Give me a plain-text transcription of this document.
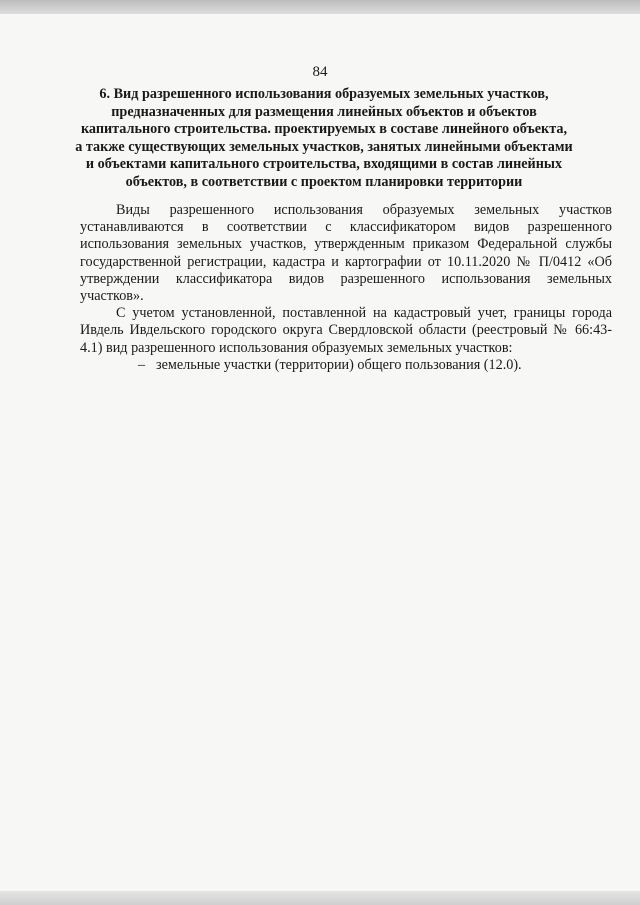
84
6. Вид разрешенного использования образуемых земельных участков,
предназначенных для размещения линейных объектов и объектов
капитального строительства. проектируемых в составе линейного объекта,
а также существующих земельных участков, занятых линейными объектами
и объектами капитального строительства, входящими в состав линейных
объектов, в соответствии с проектом планировки территории

Виды разрешенного использования образуемых земельных участков устанавливаются в соответствии с классификатором видов разрешенного использования земельных участков, утвержденным приказом Федеральной службы государственной регистрации, кадастра и картографии от 10.11.2020 № П/0412 «Об утверждении классификатора видов разрешенного использования земельных участков».

С учетом установленной, поставленной на кадастровый учет, границы города Ивдель Ивдельского городского округа Свердловской области (реестровый № 66:43-4.1) вид разрешенного использования образуемых земельных участков:

– земельные участки (территории) общего пользования (12.0).
